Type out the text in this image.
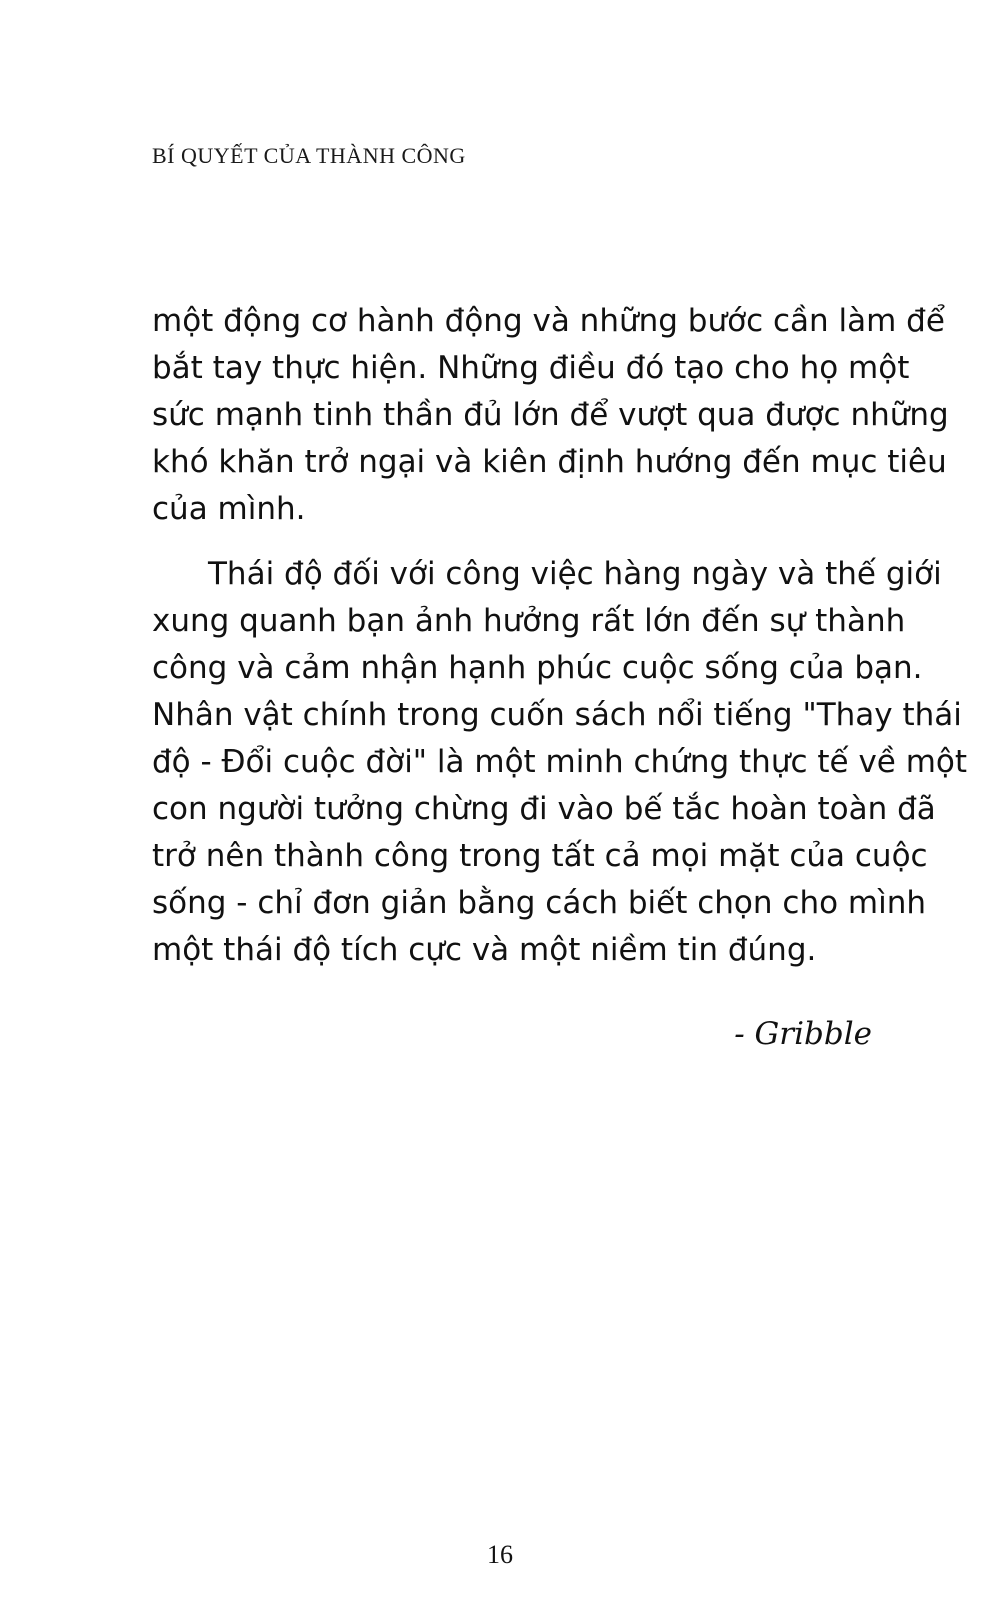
BÍ QUYẾT CỦA THÀNH CÔNG
một động cơ hành động và những bước cần làm để
bắt tay thực hiện. Những điều đó tạo cho họ một
sức mạnh tinh thần đủ lớn để vượt qua được những
khó khăn trở ngại và kiên định hướng đến mục tiêu
của mình.
Thái độ đối với công việc hàng ngày và thế giới
xung quanh bạn ảnh hưởng rất lớn đến sự thành
công và cảm nhận hạnh phúc cuộc sống của bạn.
Nhân vật chính trong cuốn sách nổi tiếng "Thay thái
độ - Đổi cuộc đời" là một minh chứng thực tế về một
con người tưởng chừng đi vào bế tắc hoàn toàn đã
trở nên thành công trong tất cả mọi mặt của cuộc
sống - chỉ đơn giản bằng cách biết chọn cho mình
một thái độ tích cực và một niềm tin đúng.
- Gribble
16
